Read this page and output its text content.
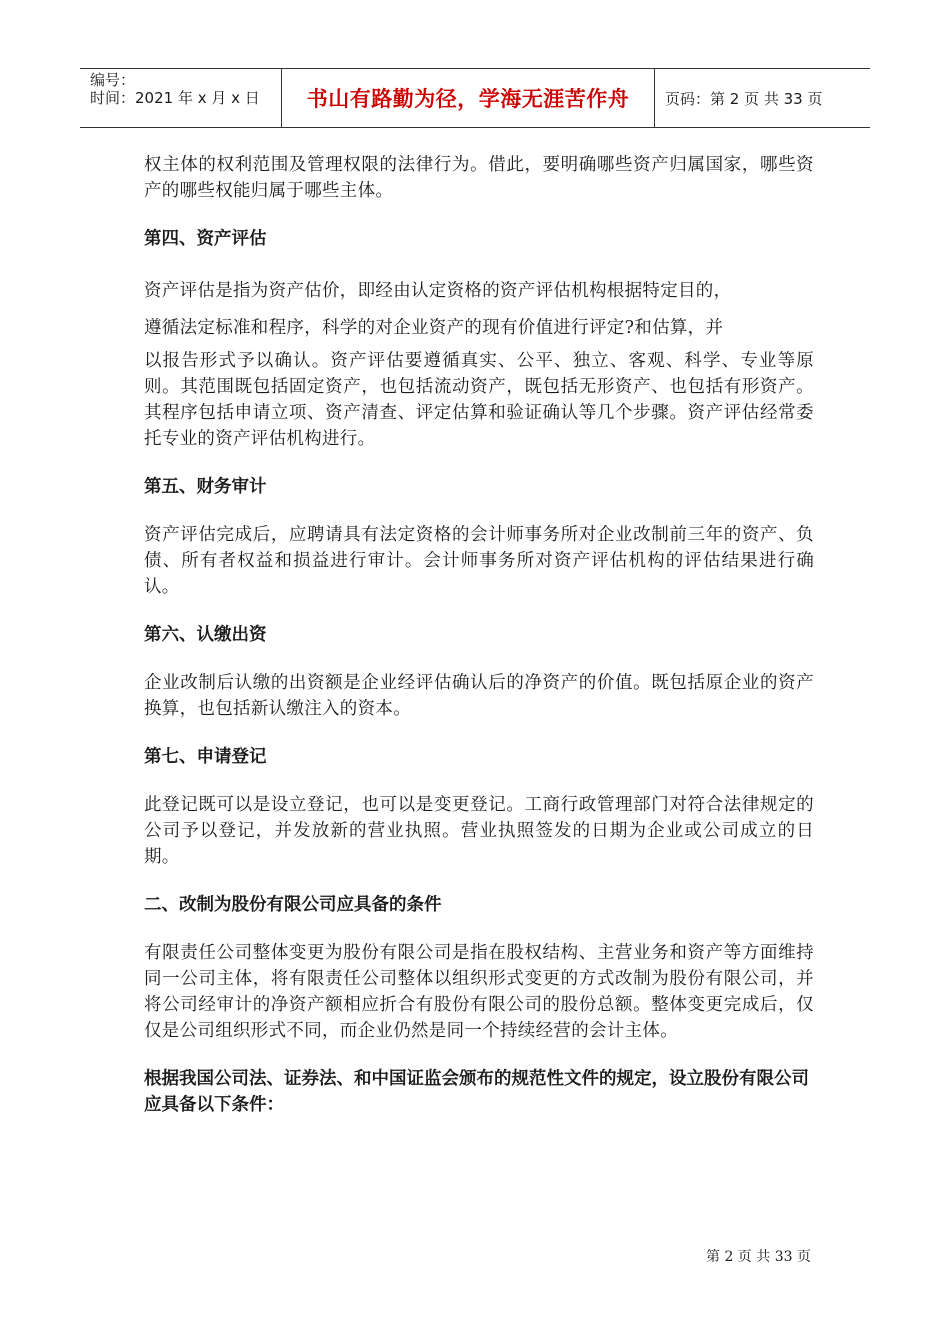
编号：
时间：2021 年 x 月 x 日	书山有路勤为径，学海无涯苦作舟	页码：第 2 页 共 33 页

权主体的权利范围及管理权限的法律行为。借此，要明确哪些资产归属国家，哪些资产的哪些权能归属于哪些主体。

第四、资产评估

资产评估是指为资产估价，即经由认定资格的资产评估机构根据特定目的，

遵循法定标准和程序，科学的对企业资产的现有价值进行评定?和估算，并

以报告形式予以确认。资产评估要遵循真实、公平、独立、客观、科学、专业等原则。其范围既包括固定资产，也包括流动资产，既包括无形资产、也包括有形资产。其程序包括申请立项、资产清查、评定估算和验证确认等几个步骤。资产评估经常委托专业的资产评估机构进行。

第五、财务审计

资产评估完成后，应聘请具有法定资格的会计师事务所对企业改制前三年的资产、负债、所有者权益和损益进行审计。会计师事务所对资产评估机构的评估结果进行确认。

第六、认缴出资

企业改制后认缴的出资额是企业经评估确认后的净资产的价值。既包括原企业的资产换算，也包括新认缴注入的资本。

第七、申请登记

此登记既可以是设立登记，也可以是变更登记。工商行政管理部门对符合法律规定的公司予以登记，并发放新的营业执照。营业执照签发的日期为企业或公司成立的日期。

二、改制为股份有限公司应具备的条件

有限责任公司整体变更为股份有限公司是指在股权结构、主营业务和资产等方面维持同一公司主体，将有限责任公司整体以组织形式变更的方式改制为股份有限公司，并将公司经审计的净资产额相应折合有股份有限公司的股份总额。整体变更完成后，仅仅是公司组织形式不同，而企业仍然是同一个持续经营的会计主体。

根据我国公司法、证券法、和中国证监会颁布的规范性文件的规定，设立股份有限公司应具备以下条件：
第 2 页 共 33 页
